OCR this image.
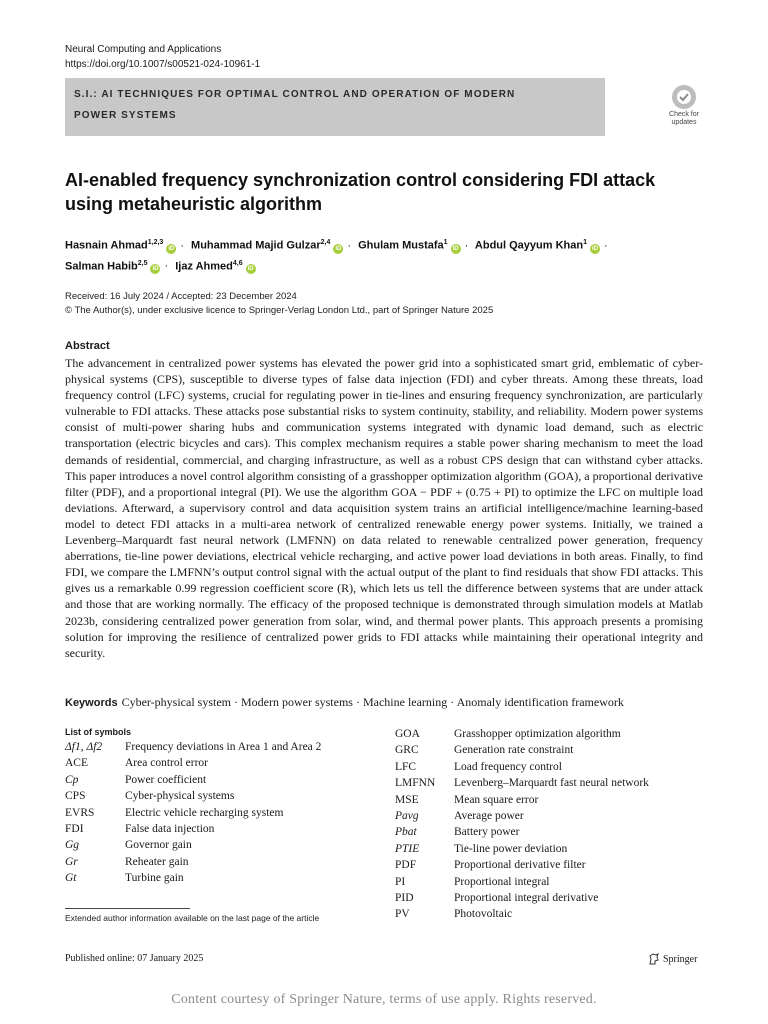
Neural Computing and Applications
https://doi.org/10.1007/s00521-024-10961-1
S.I.: AI TECHNIQUES FOR OPTIMAL CONTROL AND OPERATION OF MODERN
POWER SYSTEMS	Check for
updates
AI-enabled frequency synchronization control considering FDI attack
using metaheuristic algorithm
Hasnain Ahmad$^{1,2,3}$iD · Muhammad Majid Gulzar$^{2,4}$iD · Ghulam Mustafa$^1$iD · Abdul Qayyum Khan$^1$iD ·
Salman Habib$^{2,5}$iD · Ijaz Ahmed$^{4,6}$iD
Received: 16 July 2024 / Accepted: 23 December 2024
© The Author(s), under exclusive licence to Springer-Verlag London Ltd., part of Springer Nature 2025
Abstract
The advancement in centralized power systems has elevated the power grid into a sophisticated smart grid, emblematic of cyber-physical systems (CPS), susceptible to diverse types of false data injection (FDI) and cyber threats. Among these threats, load frequency control (LFC) systems, crucial for regulating power in tie-lines and ensuring frequency synchronization, are particularly vulnerable to FDI attacks. These attacks pose substantial risks to system continuity, stability, and reliability. Modern power systems consist of multi-power sharing hubs and communication systems integrated with dynamic load demand, such as electric transportation (electric bicycles and cars). This complex mechanism requires a stable power sharing mechanism to meet the load demands of residential, commercial, and charging infrastructure, as well as a robust CPS design that can withstand cyber attacks. This paper introduces a novel control algorithm consisting of a grasshopper optimization algorithm (GOA), a proportional derivative filter (PDF), and a proportional integral (PI). We use the algorithm GOA − PDF + (0.75 + PI) to optimize the LFC on multiple load deviations. Afterward, a supervisory control and data acquisition system trains an artificial intelligence/machine learning-based model to detect FDI attacks in a multi-area network of centralized renewable energy power systems. Initially, we trained a Levenberg–Marquardt fast neural network (LMFNN) on data related to renewable centralized power generation, frequency aberrations, tie-line power deviations, electrical vehicle recharging, and active power load deviations in both areas. Finally, to find FDI, we compare the LMFNN’s output control signal with the actual output of the plant to find residuals that show FDI attacks. This gives us a remarkable 0.99 regression coefficient score (R), which lets us tell the difference between systems that are under attack and those that are working normally. The efficacy of the proposed technique is demonstrated through simulation models at Matlab 2023b, considering centralized power generation from solar, wind, and thermal power plants. This approach presents a promising solution for improving the resilience of centralized power grids to FDI attacks while maintaining their operational integrity and security.
Keywords Cyber-physical system · Modern power systems · Machine learning · Anomaly identification framework
List of symbols
Δf1, Δf2	Frequency deviations in Area 1 and Area 2
ACE	Area control error
Cp	Power coefficient
CPS	Cyber-physical systems
EVRS	Electric vehicle recharging system
FDI	False data injection
Gg	Governor gain
Gr	Reheater gain
Gt	Turbine gain
GOA	Grasshopper optimization algorithm
GRC	Generation rate constraint
LFC	Load frequency control
LMFNN	Levenberg–Marquardt fast neural network
MSE	Mean square error
Pavg	Average power
Pbat	Battery power
PTIE	Tie-line power deviation
PDF	Proportional derivative filter
PI	Proportional integral
PID	Proportional integral derivative
PV	Photovoltaic
Extended author information available on the last page of the article
Published online: 07 January 2025	Springer
Content courtesy of Springer Nature, terms of use apply. Rights reserved.
